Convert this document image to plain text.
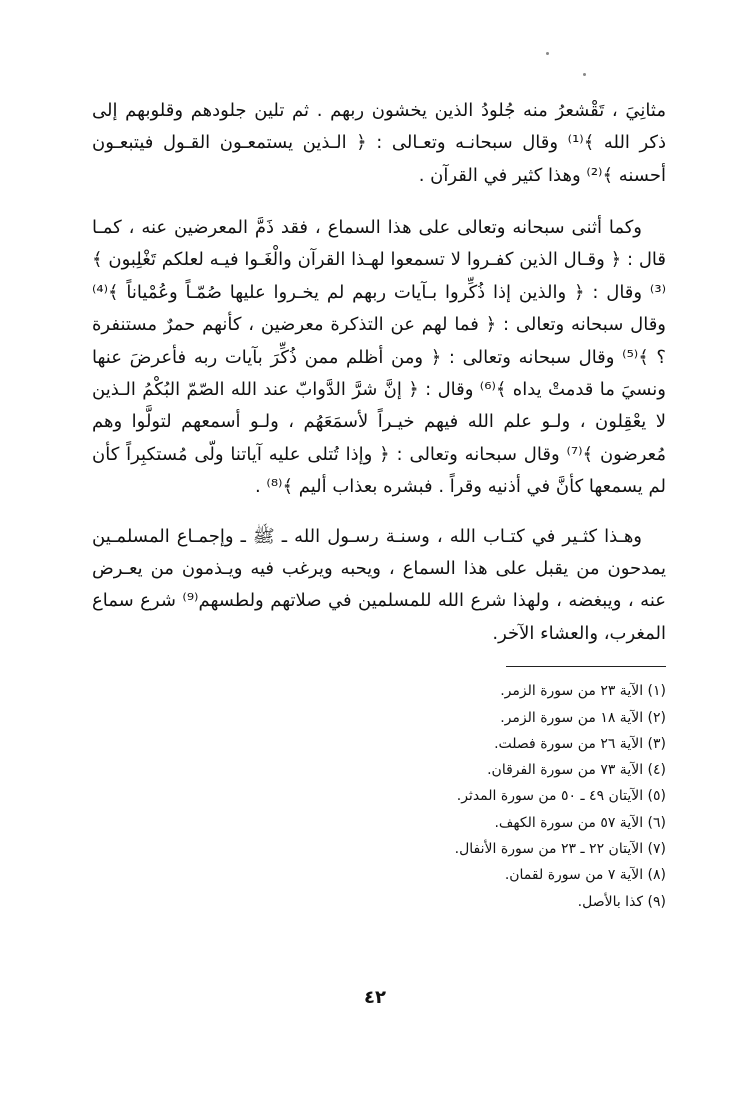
مثانِيَ ، تَقْشعرُ منه جُلودُ الذين يخشون ربهم . ثم تلين جلودهم وقلوبهم إلى ذكر الله ﴾⁽¹⁾ وقال سبحانـه وتعـالى : ﴿ الـذين يستمعـون القـول فيتبعـون أحسنه ﴾⁽²⁾ وهذا كثير في القرآن .

وكما أثنى سبحانه وتعالى على هذا السماع ، فقد ذَمَّ المعرضين عنه ، كمـا قال : ﴿ وقـال الذين كفـروا لا تسمعوا لهـذا القرآن والْغَـوا فيـه لعلكم تَغْلِبون ﴾⁽³⁾ وقال : ﴿ والذين إذا ذُكِّروا بـآيات ربهم لم يخـروا عليها صُمّـاً وعُمْياناً ﴾⁽⁴⁾ وقال سبحانه وتعالى : ﴿ فما لهم عن التذكرة معرضين ، كأنهم حمرٌ مستنفرة ؟ ﴾⁽⁵⁾ وقال سبحانه وتعالى : ﴿ ومن أظلم ممن ذُكِّرَ بآيات ربه فأعرضَ عنها ونسيَ ما قدمتْ يداه ﴾⁽⁶⁾ وقال : ﴿ إنَّ شرَّ الدَّوابّ عند الله الصّمّ البُكْمُ الـذين لا يعْقِلون ، ولـو علم الله فيهم خيـراً لأسمَعَهُم ، ولـو أسمعهم لتولَّوا وهم مُعرضون ﴾⁽⁷⁾ وقال سبحانه وتعالى : ﴿ وإذا تُتلى عليه آياتنا ولّى مُستكبِراً كأن لم يسمعها كأنَّ في أذنيه وقراً . فبشره بعذاب أليم ﴾⁽⁸⁾ .

وهـذا كثـير في كتـاب الله ، وسنـة رسـول الله ـ ﷺ ـ وإجمـاع المسلمـين يمدحون من يقبل على هذا السماع ، ويحبه ويرغب فيه ويـذمون من يعـرض عنه ، ويبغضه ، ولهذا شرع الله للمسلمين في صلاتهم ولطسهم⁽⁹⁾ شرع سماع المغرب، والعشاء الآخر.

(١) الآية ٢٣ من سورة الزمر.
(٢) الآية ١٨ من سورة الزمر.
(٣) الآية ٢٦ من سورة فصلت.
(٤) الآية ٧٣ من سورة الفرقان.
(٥) الآيتان ٤٩ ـ ٥٠ من سورة المدثر.
(٦) الآية ٥٧ من سورة الكهف.
(٧) الآيتان ٢٢ ـ ٢٣ من سورة الأنفال.
(٨) الآية ٧ من سورة لقمان.
(٩) كذا بالأصل.
٤٢
